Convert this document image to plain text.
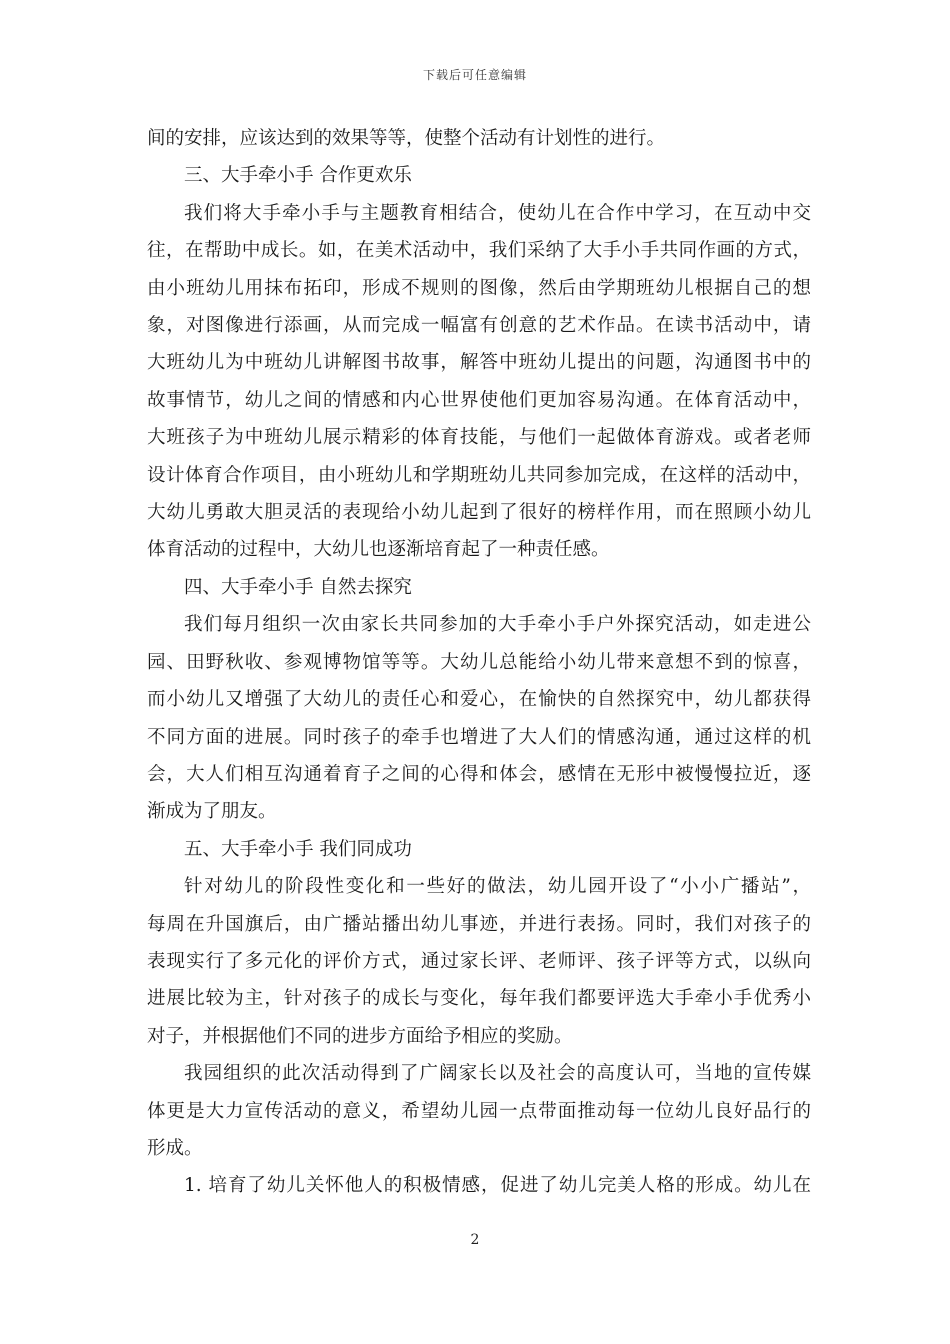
下载后可任意编辑
间的安排，应该达到的效果等等，使整个活动有计划性的进行。
三、大手牵小手 合作更欢乐
我们将大手牵小手与主题教育相结合，使幼儿在合作中学习，在互动中交
往，在帮助中成长。如，在美术活动中，我们采纳了大手小手共同作画的方式，
由小班幼儿用抹布拓印，形成不规则的图像，然后由学期班幼儿根据自己的想
象，对图像进行添画，从而完成一幅富有创意的艺术作品。在读书活动中，请
大班幼儿为中班幼儿讲解图书故事，解答中班幼儿提出的问题，沟通图书中的
故事情节，幼儿之间的情感和内心世界使他们更加容易沟通。在体育活动中，
大班孩子为中班幼儿展示精彩的体育技能，与他们一起做体育游戏。或者老师
设计体育合作项目，由小班幼儿和学期班幼儿共同参加完成，在这样的活动中，
大幼儿勇敢大胆灵活的表现给小幼儿起到了很好的榜样作用，而在照顾小幼儿
体育活动的过程中，大幼儿也逐渐培育起了一种责任感。
四、大手牵小手 自然去探究
我们每月组织一次由家长共同参加的大手牵小手户外探究活动，如走进公
园、田野秋收、参观博物馆等等。大幼儿总能给小幼儿带来意想不到的惊喜，
而小幼儿又增强了大幼儿的责任心和爱心，在愉快的自然探究中，幼儿都获得
不同方面的进展。同时孩子的牵手也增进了大人们的情感沟通，通过这样的机
会，大人们相互沟通着育子之间的心得和体会，感情在无形中被慢慢拉近，逐
渐成为了朋友。
五、大手牵小手 我们同成功
针对幼儿的阶段性变化和一些好的做法，幼儿园开设了“小小广播站”，
每周在升国旗后，由广播站播出幼儿事迹，并进行表扬。同时，我们对孩子的
表现实行了多元化的评价方式，通过家长评、老师评、孩子评等方式，以纵向
进展比较为主，针对孩子的成长与变化，每年我们都要评选大手牵小手优秀小
对子，并根据他们不同的进步方面给予相应的奖励。
我园组织的此次活动得到了广阔家长以及社会的高度认可，当地的宣传媒
体更是大力宣传活动的意义，希望幼儿园一点带面推动每一位幼儿良好品行的
形成。
1. 培育了幼儿关怀他人的积极情感，促进了幼儿完美人格的形成。幼儿在
2
